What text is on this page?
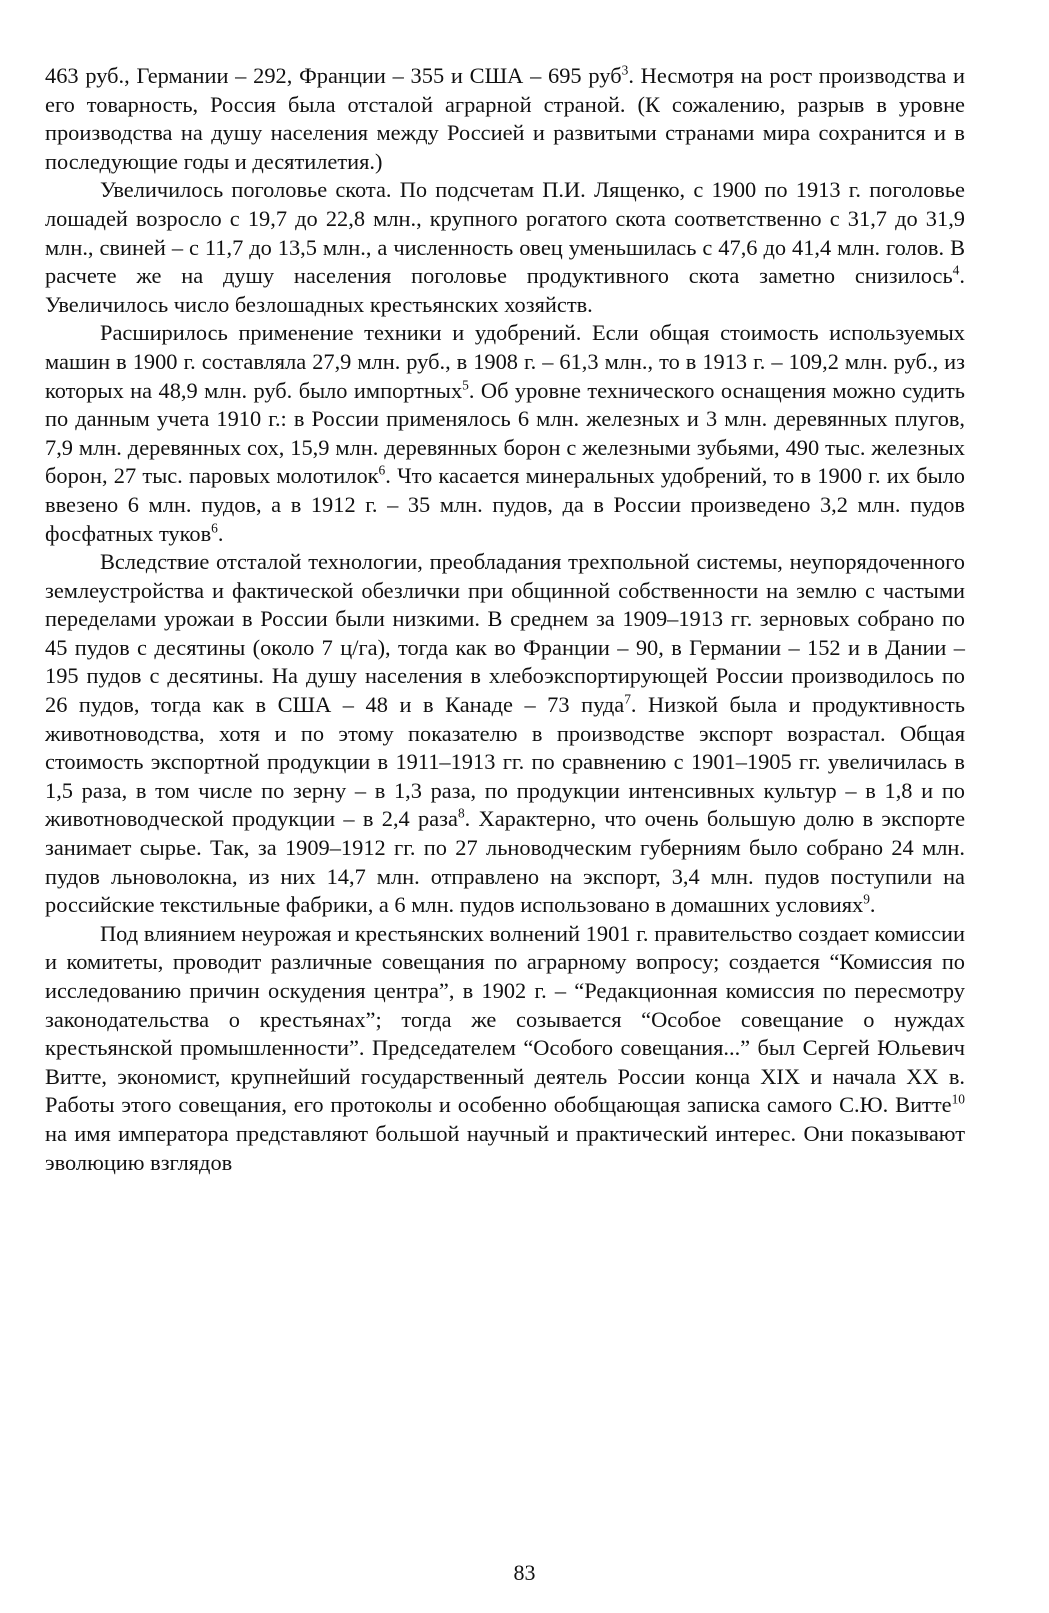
463 руб., Германии – 292, Франции – 355 и США – 695 руб$^3$. Несмотря на рост производства и его товарность, Россия была отсталой аграрной страной. (К сожалению, разрыв в уровне производства на душу населения между Россией и развитыми странами мира сохранится и в последующие годы и десятилетия.)

Увеличилось поголовье скота. По подсчетам П.И. Лященко, с 1900 по 1913 г. поголовье лошадей возросло с 19,7 до 22,8 млн., крупного рогатого скота соответственно с 31,7 до 31,9 млн., свиней – с 11,7 до 13,5 млн., а численность овец уменьшилась с 47,6 до 41,4 млн. голов. В расчете же на душу населения поголовье продуктивного скота заметно снизилось$^4$. Увеличилось число безлошадных крестьянских хозяйств.

Расширилось применение техники и удобрений. Если общая стоимость используемых машин в 1900 г. составляла 27,9 млн. руб., в 1908 г. – 61,3 млн., то в 1913 г. – 109,2 млн. руб., из которых на 48,9 млн. руб. было импортных$^5$. Об уровне технического оснащения можно судить по данным учета 1910 г.: в России применялось 6 млн. железных и 3 млн. деревянных плугов, 7,9 млн. деревянных сох, 15,9 млн. деревянных борон с железными зубьями, 490 тыс. железных борон, 27 тыс. паровых молотилок$^6$. Что касается минеральных удобрений, то в 1900 г. их было ввезено 6 млн. пудов, а в 1912 г. – 35 млн. пудов, да в России произведено 3,2 млн. пудов фосфатных туков$^6$.

Вследствие отсталой технологии, преобладания трехпольной системы, неупорядоченного землеустройства и фактической обезлички при общинной собственности на землю с частыми переделами урожаи в России были низкими. В среднем за 1909–1913 гг. зерновых собрано по 45 пудов с десятины (около 7 ц/га), тогда как во Франции – 90, в Германии – 152 и в Дании – 195 пудов с десятины. На душу населения в хлебоэкспортирующей России производилось по 26 пудов, тогда как в США – 48 и в Канаде – 73 пуда$^7$. Низкой была и продуктивность животноводства, хотя и по этому показателю в производстве экспорт возрастал. Общая стоимость экспортной продукции в 1911–1913 гг. по сравнению с 1901–1905 гг. увеличилась в 1,5 раза, в том числе по зерну – в 1,3 раза, по продукции интенсивных культур – в 1,8 и по животноводческой продукции – в 2,4 раза$^8$. Характерно, что очень большую долю в экспорте занимает сырье. Так, за 1909–1912 гг. по 27 льноводческим губерниям было собрано 24 млн. пудов льноволокна, из них 14,7 млн. отправлено на экспорт, 3,4 млн. пудов поступили на российские текстильные фабрики, а 6 млн. пудов использовано в домашних условиях$^9$.

Под влиянием неурожая и крестьянских волнений 1901 г. правительство создает комиссии и комитеты, проводит различные совещания по аграрному вопросу; создается “Комиссия по исследованию причин оскудения центра”, в 1902 г. – “Редакционная комиссия по пересмотру законодательства о крестьянах”; тогда же созывается “Особое совещание о нуждах крестьянской промышленности”. Председателем “Особого совещания...” был Сергей Юльевич Витте, экономист, крупнейший государственный деятель России конца XIX и начала XX в. Работы этого совещания, его протоколы и особенно обобщающая записка самого С.Ю. Витте$^{10}$ на имя императора представляют большой научный и практический интерес. Они показывают эволюцию взглядов

83
